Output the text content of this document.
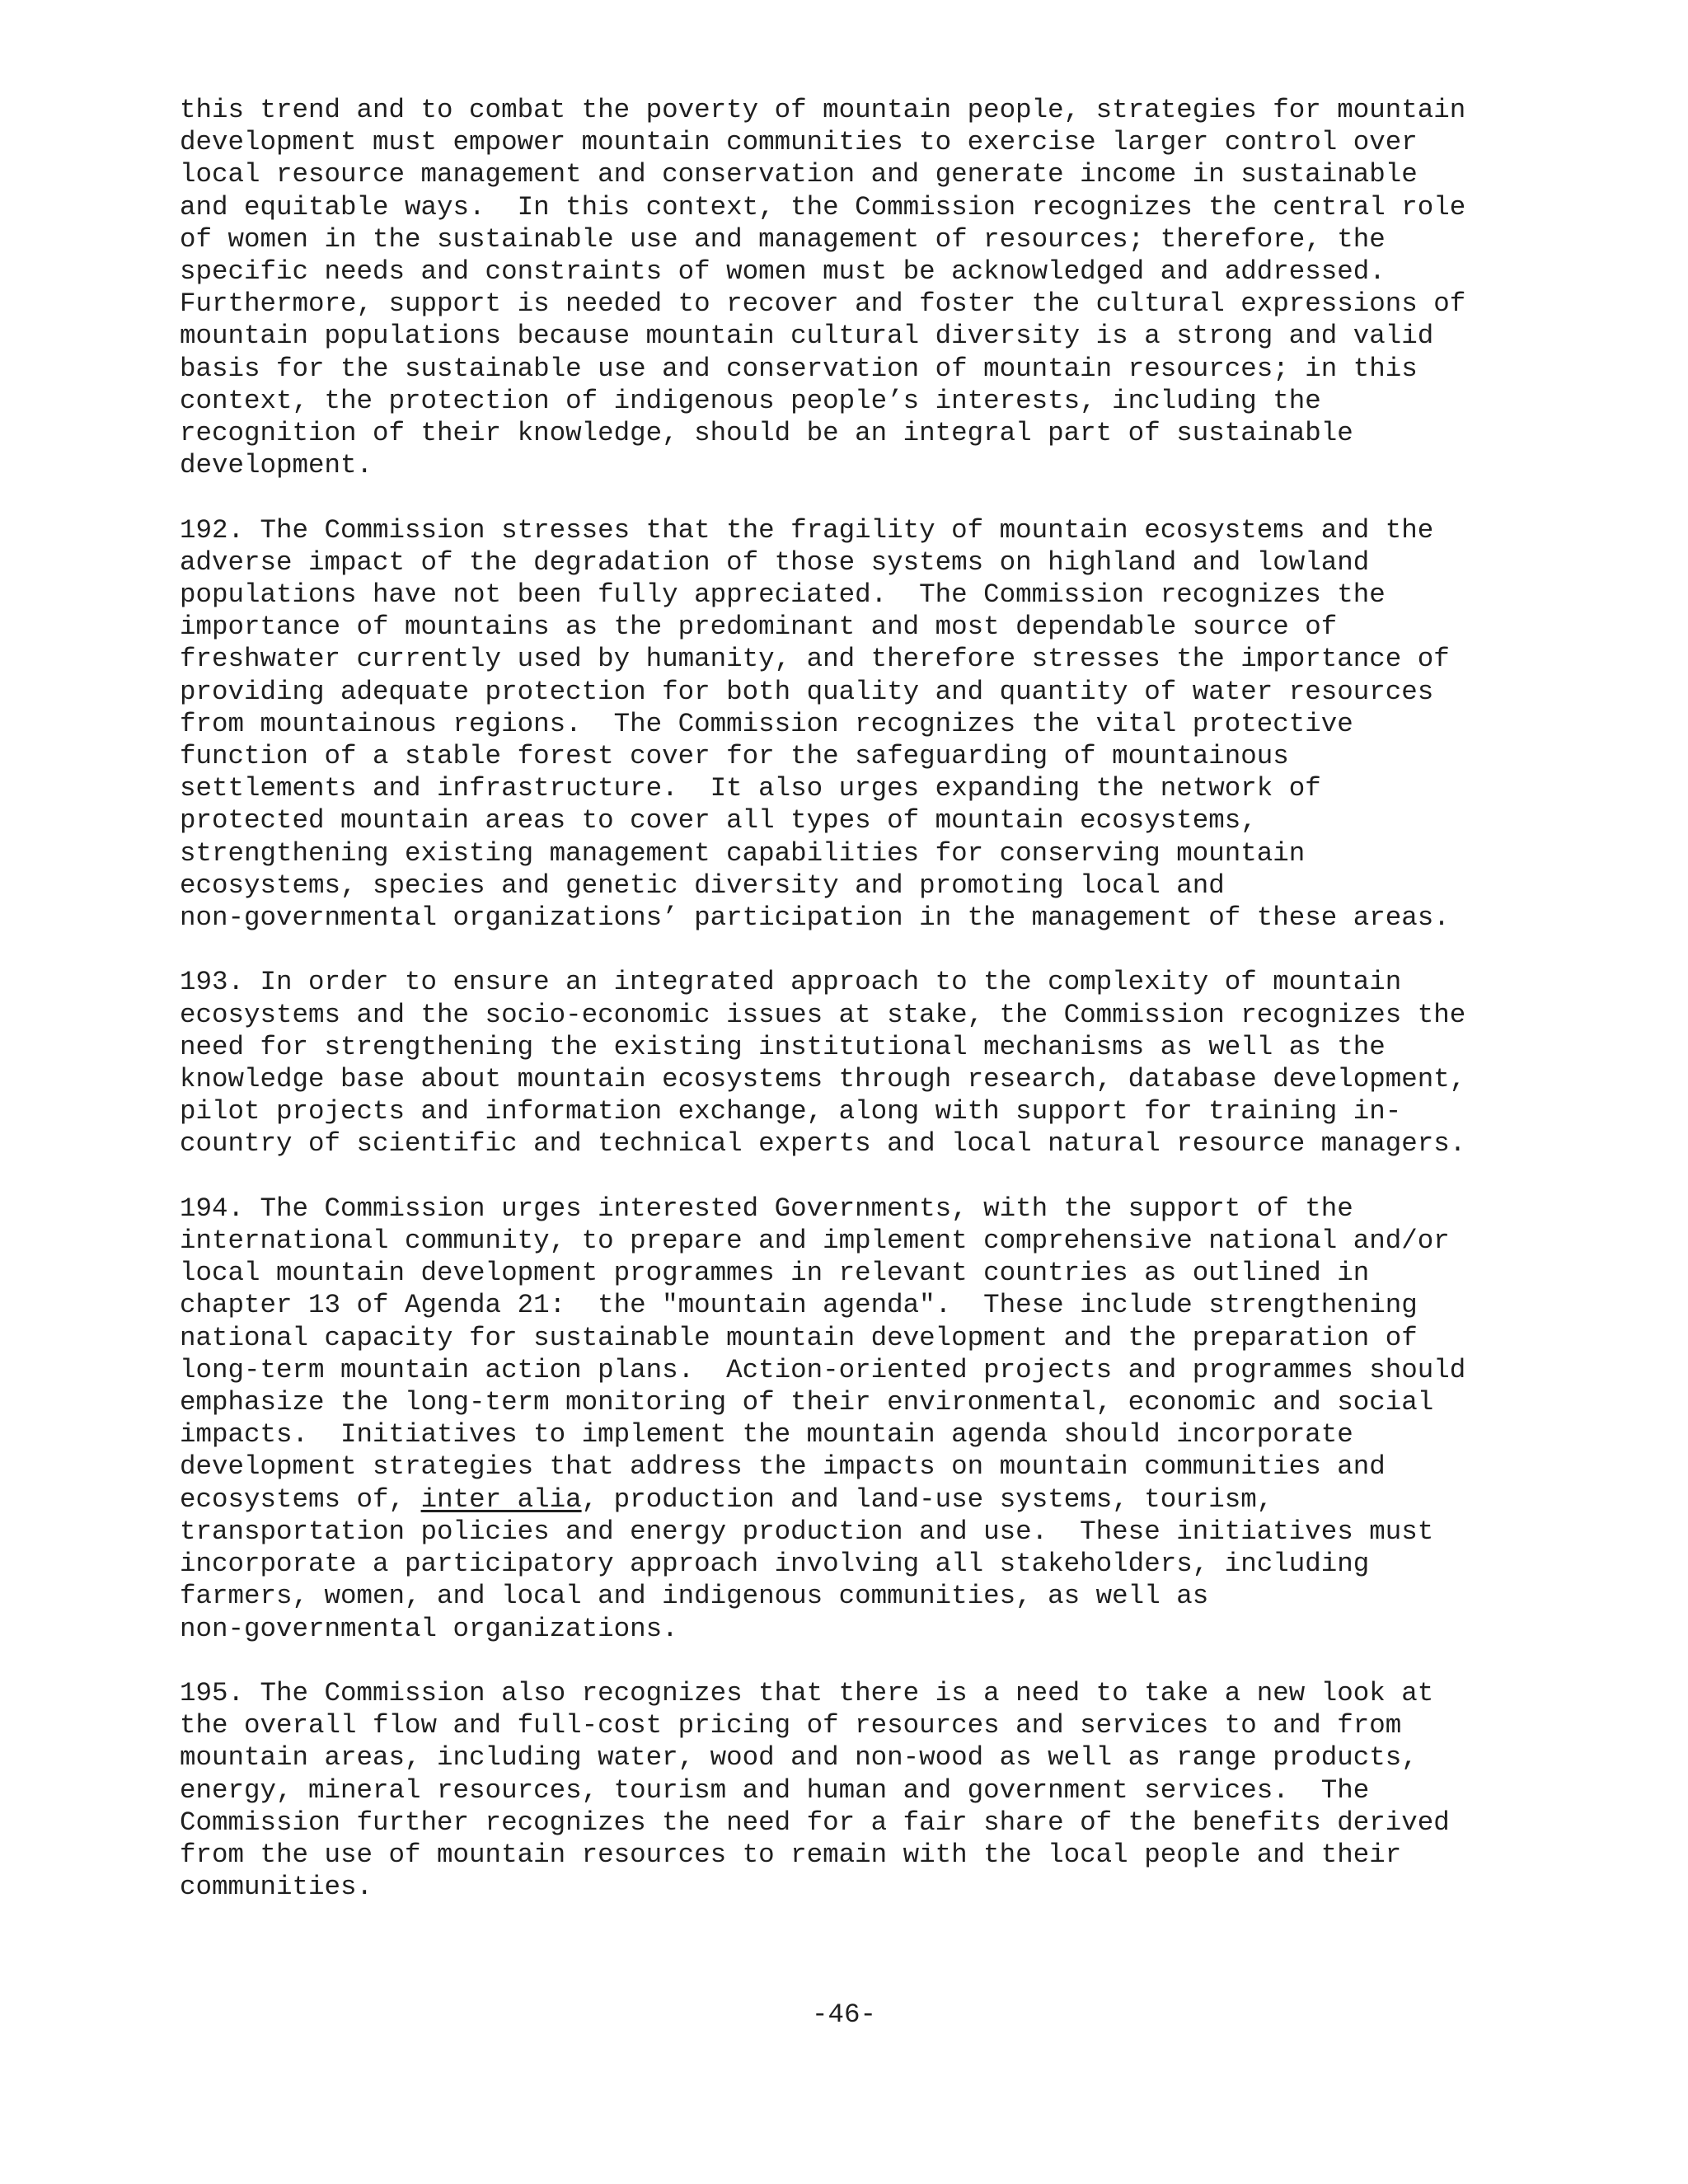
this trend and to combat the poverty of mountain people, strategies for mountain
development must empower mountain communities to exercise larger control over
local resource management and conservation and generate income in sustainable
and equitable ways.  In this context, the Commission recognizes the central role
of women in the sustainable use and management of resources; therefore, the
specific needs and constraints of women must be acknowledged and addressed.
Furthermore, support is needed to recover and foster the cultural expressions of
mountain populations because mountain cultural diversity is a strong and valid
basis for the sustainable use and conservation of mountain resources; in this
context, the protection of indigenous people’s interests, including the
recognition of their knowledge, should be an integral part of sustainable
development.
192. The Commission stresses that the fragility of mountain ecosystems and the
adverse impact of the degradation of those systems on highland and lowland
populations have not been fully appreciated.  The Commission recognizes the
importance of mountains as the predominant and most dependable source of
freshwater currently used by humanity, and therefore stresses the importance of
providing adequate protection for both quality and quantity of water resources
from mountainous regions.  The Commission recognizes the vital protective
function of a stable forest cover for the safeguarding of mountainous
settlements and infrastructure.  It also urges expanding the network of
protected mountain areas to cover all types of mountain ecosystems,
strengthening existing management capabilities for conserving mountain
ecosystems, species and genetic diversity and promoting local and
non-governmental organizations’ participation in the management of these areas.
193. In order to ensure an integrated approach to the complexity of mountain
ecosystems and the socio-economic issues at stake, the Commission recognizes the
need for strengthening the existing institutional mechanisms as well as the
knowledge base about mountain ecosystems through research, database development,
pilot projects and information exchange, along with support for training in-
country of scientific and technical experts and local natural resource managers.
194. The Commission urges interested Governments, with the support of the
international community, to prepare and implement comprehensive national and/or
local mountain development programmes in relevant countries as outlined in
chapter 13 of Agenda 21:  the "mountain agenda".  These include strengthening
national capacity for sustainable mountain development and the preparation of
long-term mountain action plans.  Action-oriented projects and programmes should
emphasize the long-term monitoring of their environmental, economic and social
impacts.  Initiatives to implement the mountain agenda should incorporate
development strategies that address the impacts on mountain communities and
ecosystems of, inter alia, production and land-use systems, tourism,
transportation policies and energy production and use.  These initiatives must
incorporate a participatory approach involving all stakeholders, including
farmers, women, and local and indigenous communities, as well as
non-governmental organizations.
195. The Commission also recognizes that there is a need to take a new look at
the overall flow and full-cost pricing of resources and services to and from
mountain areas, including water, wood and non-wood as well as range products,
energy, mineral resources, tourism and human and government services.  The
Commission further recognizes the need for a fair share of the benefits derived
from the use of mountain resources to remain with the local people and their
communities.
-46-
